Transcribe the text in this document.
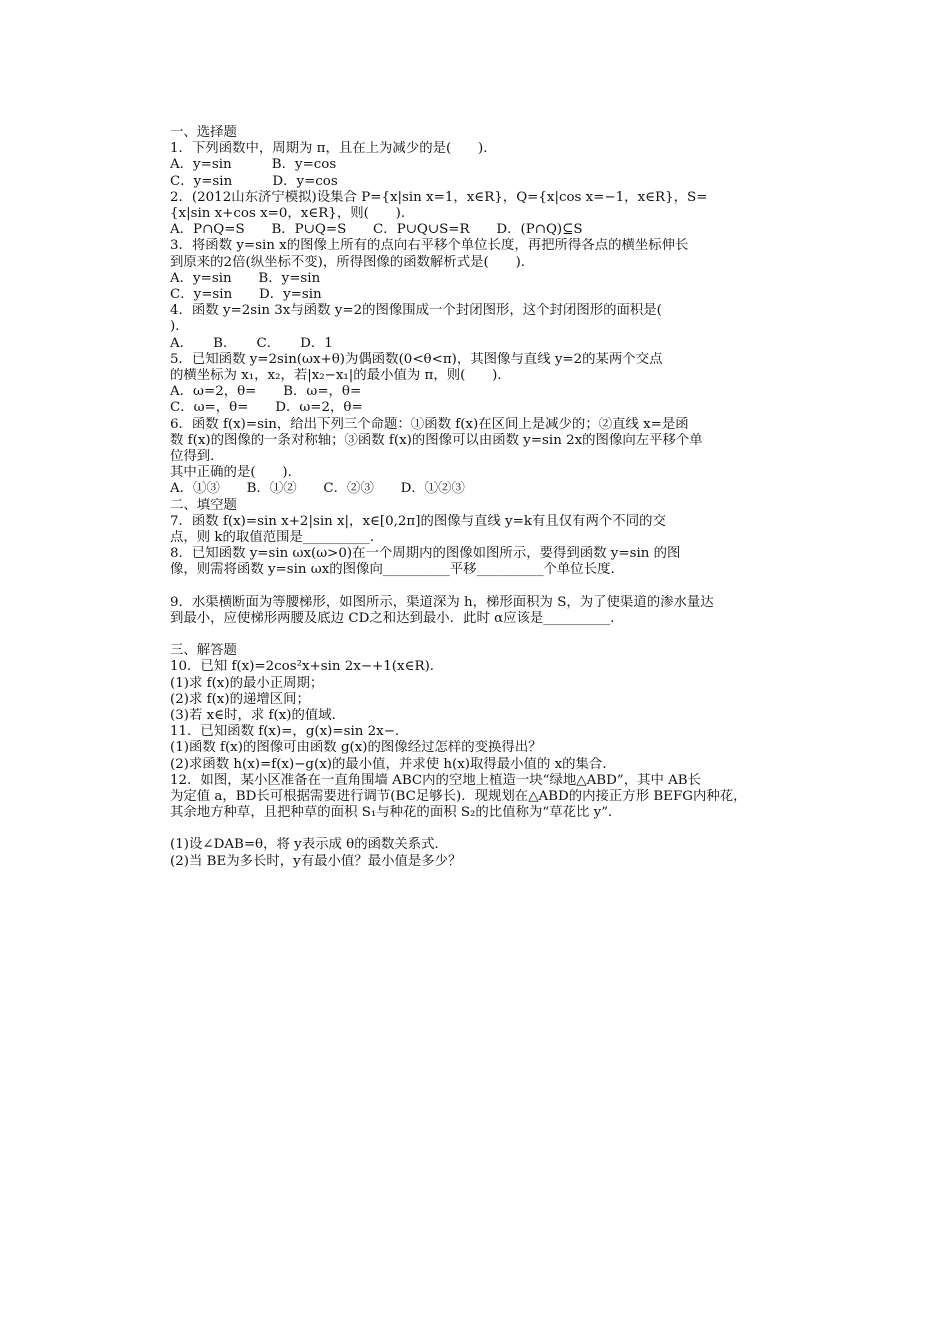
一、选择题
1．下列函数中，周期为 π，且在上为减少的是(　　)．
A．y=sin　　　B．y=cos
C．y=sin　　　D．y=cos
2．(2012山东济宁模拟)设集合 P={x|sin x=1，x∈R}，Q={x|cos x=−1，x∈R}，S=
{x|sin x+cos x=0，x∈R}，则(　　)．
A．P∩Q=S　　B．P∪Q=S　　C．P∪Q∪S=R　　D．(P∩Q)⊆S
3．将函数 y=sin x的图像上所有的点向右平移个单位长度，再把所得各点的横坐标伸长
到原来的2倍(纵坐标不变)，所得图像的函数解析式是(　　)．
A．y=sin　　B．y=sin
C．y=sin　　D．y=sin
4．函数 y=2sin 3x与函数 y=2的图像围成一个封闭图形，这个封闭图形的面积是(
)．
A．　　B．　　C．　　D．1
5．已知函数 y=2sin(ωx+θ)为偶函数(0<θ<π)，其图像与直线 y=2的某两个交点
的横坐标为 x₁，x₂，若|x₂−x₁|的最小值为 π，则(　　)．
A．ω=2，θ=　　B．ω=，θ=
C．ω=，θ=　　D．ω=2，θ=
6．函数 f(x)=sin，给出下列三个命题：①函数 f(x)在区间上是减少的；②直线 x=是函
数 f(x)的图像的一条对称轴；③函数 f(x)的图像可以由函数 y=sin 2x的图像向左平移个单
位得到．
其中正确的是(　　)．
A．①③　　B．①②　　C．②③　　D．①②③
二、填空题
7．函数 f(x)=sin x+2|sin x|，x∈[0,2π]的图像与直线 y=k有且仅有两个不同的交
点，则 k的取值范围是__________．
8．已知函数 y=sin ωx(ω>0)在一个周期内的图像如图所示，要得到函数 y=sin 的图
像，则需将函数 y=sin ωx的图像向__________平移__________个单位长度．
9．水渠横断面为等腰梯形，如图所示，渠道深为 h，梯形面积为 S，为了使渠道的渗水量达
到最小，应使梯形两腰及底边 CD之和达到最小．此时 α应该是__________．
三、解答题
10．已知 f(x)=2cos²x+sin 2x−+1(x∈R)．
(1)求 f(x)的最小正周期；
(2)求 f(x)的递增区间；
(3)若 x∈时，求 f(x)的值域．
11．已知函数 f(x)=，g(x)=sin 2x−．
(1)函数 f(x)的图像可由函数 g(x)的图像经过怎样的变换得出？
(2)求函数 h(x)=f(x)−g(x)的最小值，并求使 h(x)取得最小值的 x的集合．
12．如图，某小区准备在一直角围墙 ABC内的空地上植造一块“绿地△ABD”，其中 AB长
为定值 a，BD长可根据需要进行调节(BC足够长)．现规划在△ABD的内接正方形 BEFG内种花，
其余地方种草，且把种草的面积 S₁与种花的面积 S₂的比值称为“草花比 y”．
(1)设∠DAB=θ，将 y表示成 θ的函数关系式．
(2)当 BE为多长时，y有最小值？最小值是多少？
